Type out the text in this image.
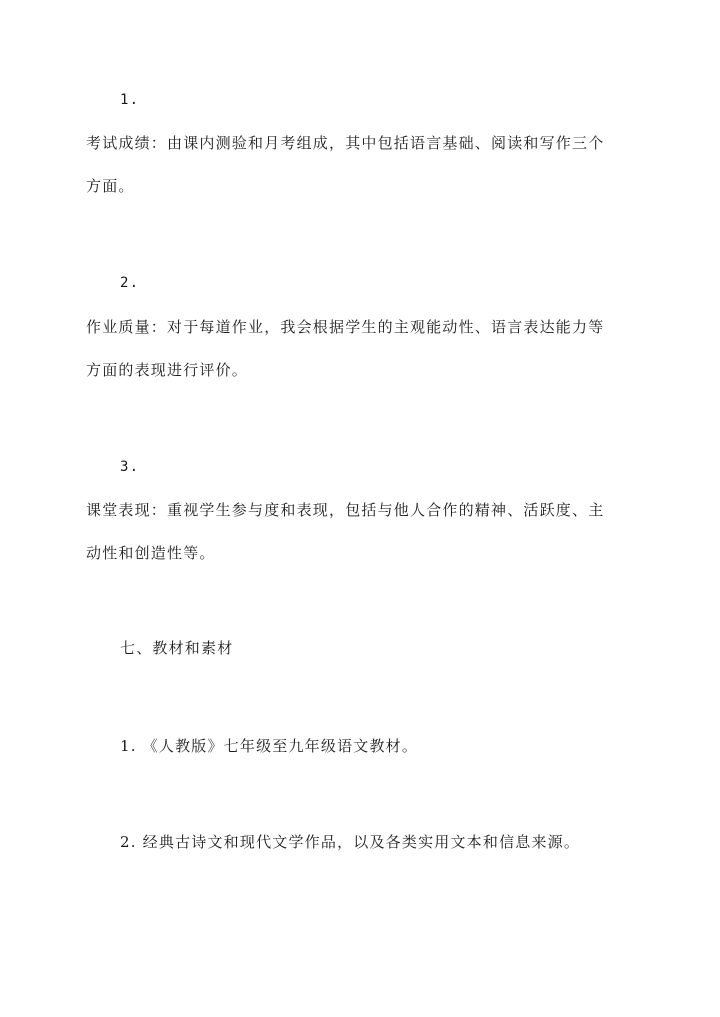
1.
考试成绩：由课内测验和月考组成，其中包括语言基础、阅读和写作三个
方面。
2.
作业质量：对于每道作业，我会根据学生的主观能动性、语言表达能力等
方面的表现进行评价。
3.
课堂表现：重视学生参与度和表现，包括与他人合作的精神、活跃度、主
动性和创造性等。
七、教材和素材
1. 《人教版》七年级至九年级语文教材。
2. 经典古诗文和现代文学作品，以及各类实用文本和信息来源。
